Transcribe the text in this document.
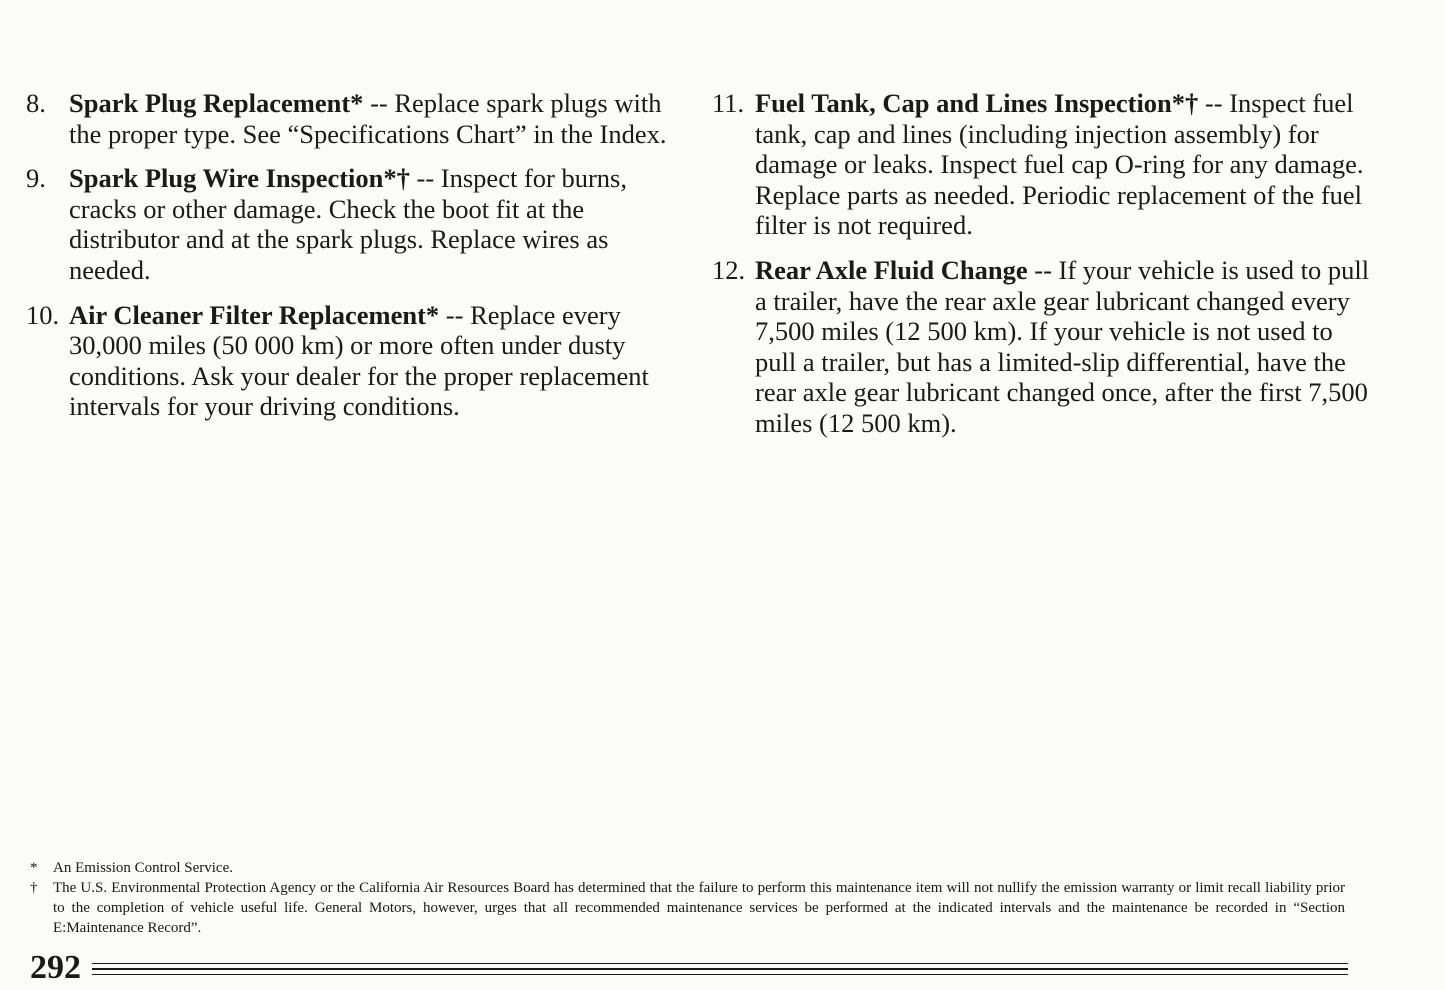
8. Spark Plug Replacement* -- Replace spark plugs with the proper type. See “Specifications Chart” in the Index.
9. Spark Plug Wire Inspection*† -- Inspect for burns, cracks or other damage. Check the boot fit at the distributor and at the spark plugs. Replace wires as needed.
10. Air Cleaner Filter Replacement* -- Replace every 30,000 miles (50 000 km) or more often under dusty conditions. Ask your dealer for the proper replacement intervals for your driving conditions.
11. Fuel Tank, Cap and Lines Inspection*† -- Inspect fuel tank, cap and lines (including injection assembly) for damage or leaks. Inspect fuel cap O-ring for any damage. Replace parts as needed. Periodic replacement of the fuel filter is not required.
12. Rear Axle Fluid Change -- If your vehicle is used to pull a trailer, have the rear axle gear lubricant changed every 7,500 miles (12 500 km). If your vehicle is not used to pull a trailer, but has a limited-slip differential, have the rear axle gear lubricant changed once, after the first 7,500 miles (12 500 km).
* An Emission Control Service.
† The U.S. Environmental Protection Agency or the California Air Resources Board has determined that the failure to perform this maintenance item will not nullify the emission warranty or limit recall liability prior to the completion of vehicle useful life. General Motors, however, urges that all recommended maintenance services be performed at the indicated intervals and the maintenance be recorded in “Section E:Maintenance Record”.
292
